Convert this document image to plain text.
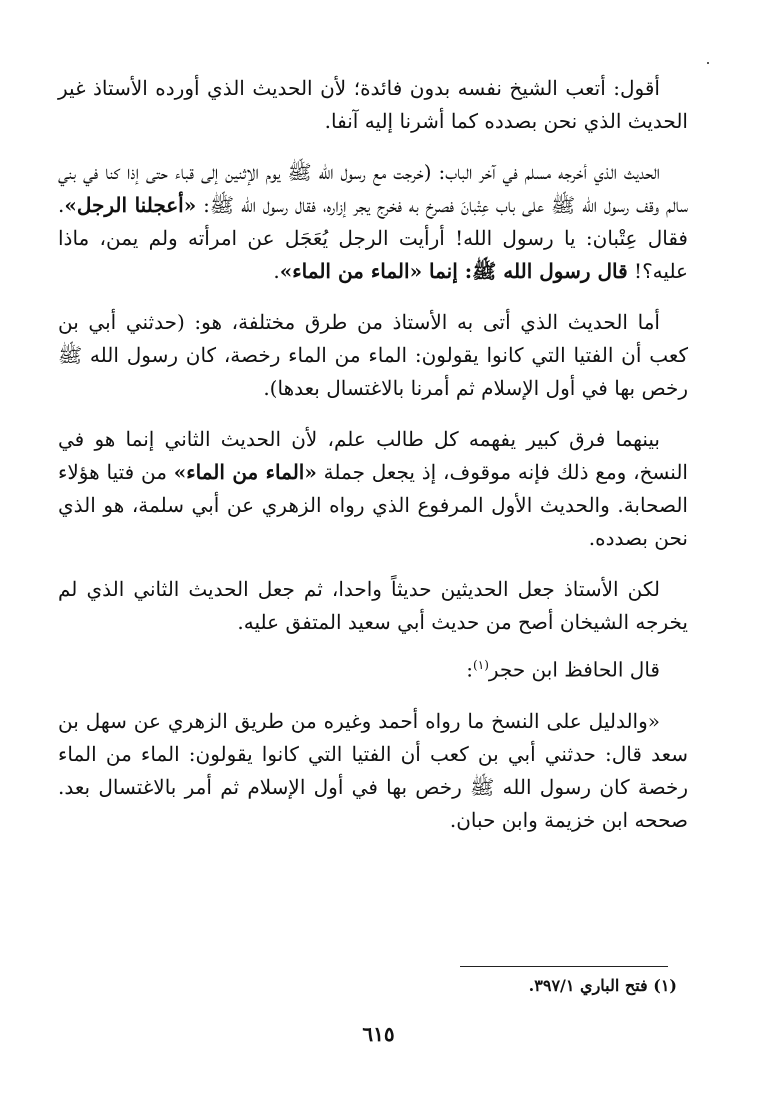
أقول: أتعب الشيخ نفسه بدون فائدة؛ لأن الحديث الذي أورده الأستاذ غير الحديث الذي نحن بصدده كما أشرنا إليه آنفا.

الحديث الذي أخرجه مسلم في آخر الباب: (خرجت مع رسول الله ﷺ يوم الإثنين إلى قباء حتى إذا كنا في بني سالم وقف رسول الله ﷺ على باب عِتْبانَ فصرخ به فخرج يجر إزاره، فقال رسول الله ﷺ: «أعجلنا الرجل». فقال عِتْبان: يا رسول الله! أرأيت الرجل يُعَجَل عن امرأته ولم يمن، ماذا عليه؟! قال رسول الله ﷺ: إنما «الماء من الماء».

أما الحديث الذي أتى به الأستاذ من طرق مختلفة، هو: (حدثني أبي بن كعب أن الفتيا التي كانوا يقولون: الماء من الماء رخصة، كان رسول الله ﷺ رخص بها في أول الإسلام ثم أمرنا بالاغتسال بعدها).

بينهما فرق كبير يفهمه كل طالب علم، لأن الحديث الثاني إنما هو في النسخ، ومع ذلك فإنه موقوف، إذ يجعل جملة «الماء من الماء» من فتيا هؤلاء الصحابة. والحديث الأول المرفوع الذي رواه الزهري عن أبي سلمة، هو الذي نحن بصدده.

لكن الأستاذ جعل الحديثين حديثاً واحدا، ثم جعل الحديث الثاني الذي لم يخرجه الشيخان أصح من حديث أبي سعيد المتفق عليه.

قال الحافظ ابن حجر$^{(١)}$:

«والدليل على النسخ ما رواه أحمد وغيره من طريق الزهري عن سهل بن سعد قال: حدثني أبي بن كعب أن الفتيا التي كانوا يقولون: الماء من الماء رخصة كان رسول الله ﷺ رخص بها في أول الإسلام ثم أمر بالاغتسال بعد. صححه ابن خزيمة وابن حبان.

(١) فتح الباري ٣٩٧/١.
٦١٥
